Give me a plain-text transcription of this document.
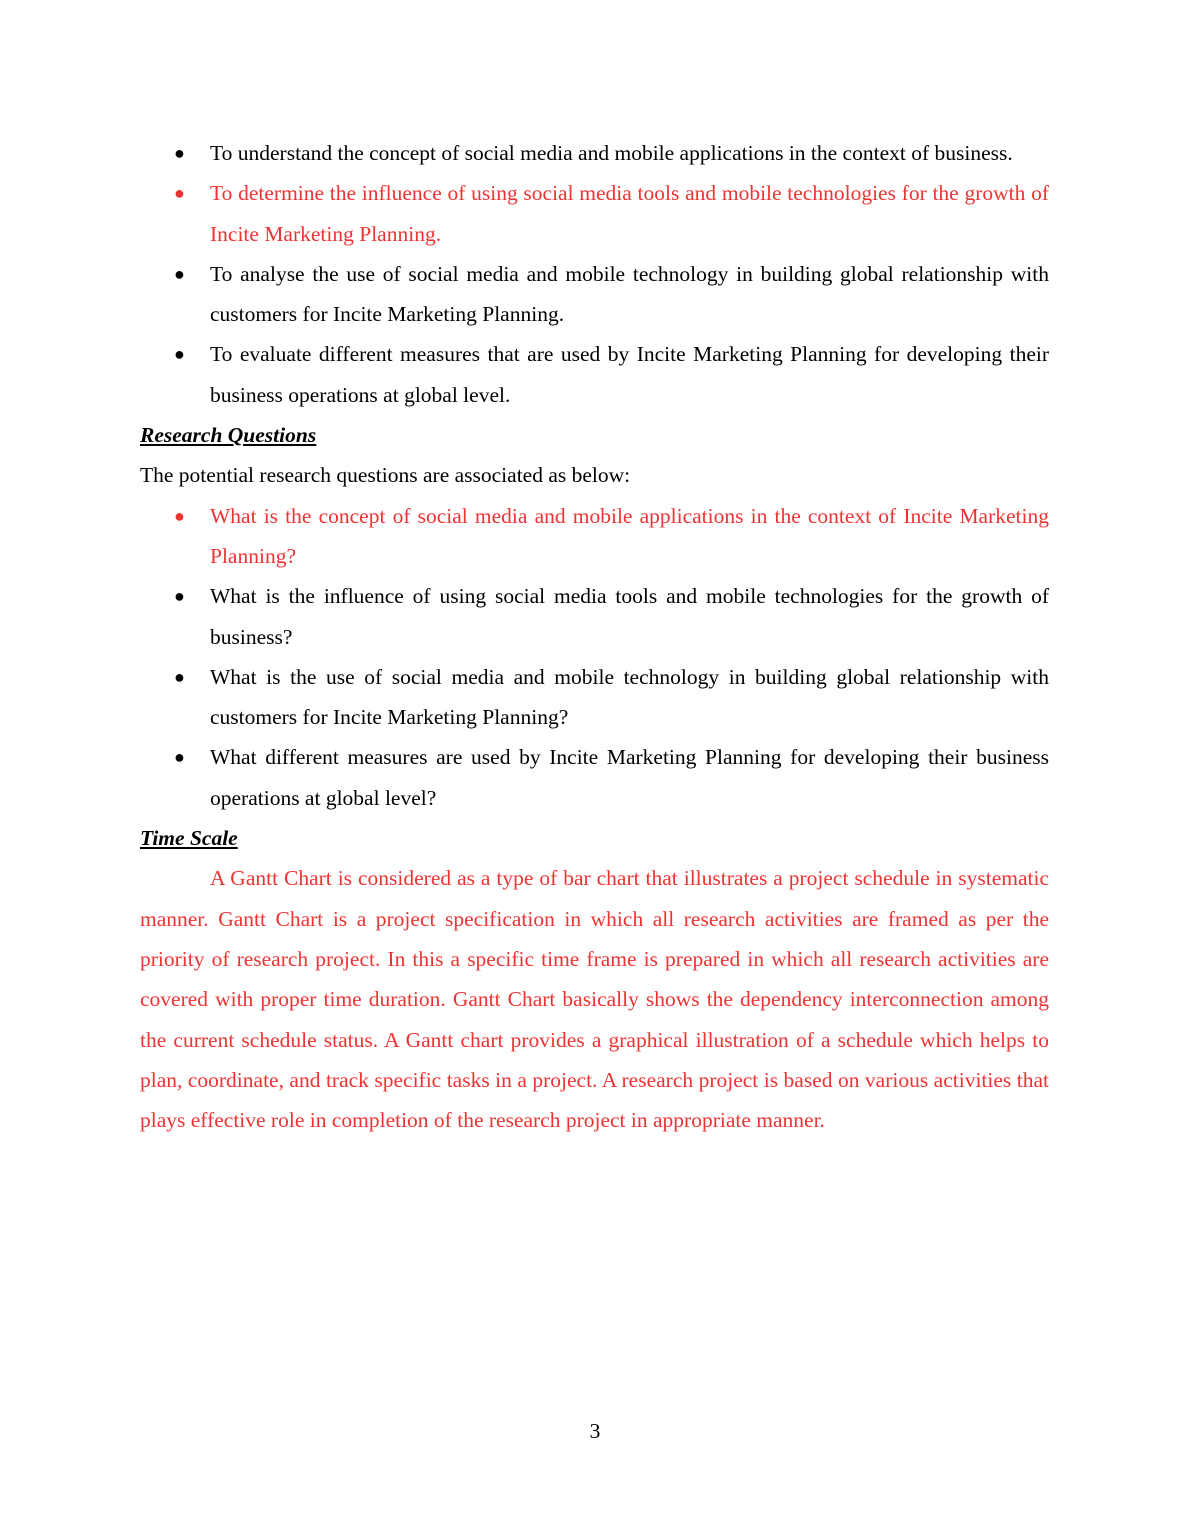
● To understand the concept of social media and mobile applications in the context of business.
● To determine the influence of using social media tools and mobile technologies for the growth of Incite Marketing Planning.
● To analyse the use of social media and mobile technology in building global relationship with customers for Incite Marketing Planning.
● To evaluate different measures that are used by Incite Marketing Planning for developing their business operations at global level.
Research Questions
The potential research questions are associated as below:
● What is the concept of social media and mobile applications in the context of Incite Marketing Planning?
● What is the influence of using social media tools and mobile technologies for the growth of business?
● What is the use of social media and mobile technology in building global relationship with customers for Incite Marketing Planning?
● What different measures are used by Incite Marketing Planning for developing their business operations at global level?
Time Scale

A Gantt Chart is considered as a type of bar chart that illustrates a project schedule in systematic manner. Gantt Chart is a project specification in which all research activities are framed as per the priority of research project. In this a specific time frame is prepared in which all research activities are covered with proper time duration. Gantt Chart basically shows the dependency interconnection among the current schedule status. A Gantt chart provides a graphical illustration of a schedule which helps to plan, coordinate, and track specific tasks in a project. A research project is based on various activities that plays effective role in completion of the research project in appropriate manner.

3
